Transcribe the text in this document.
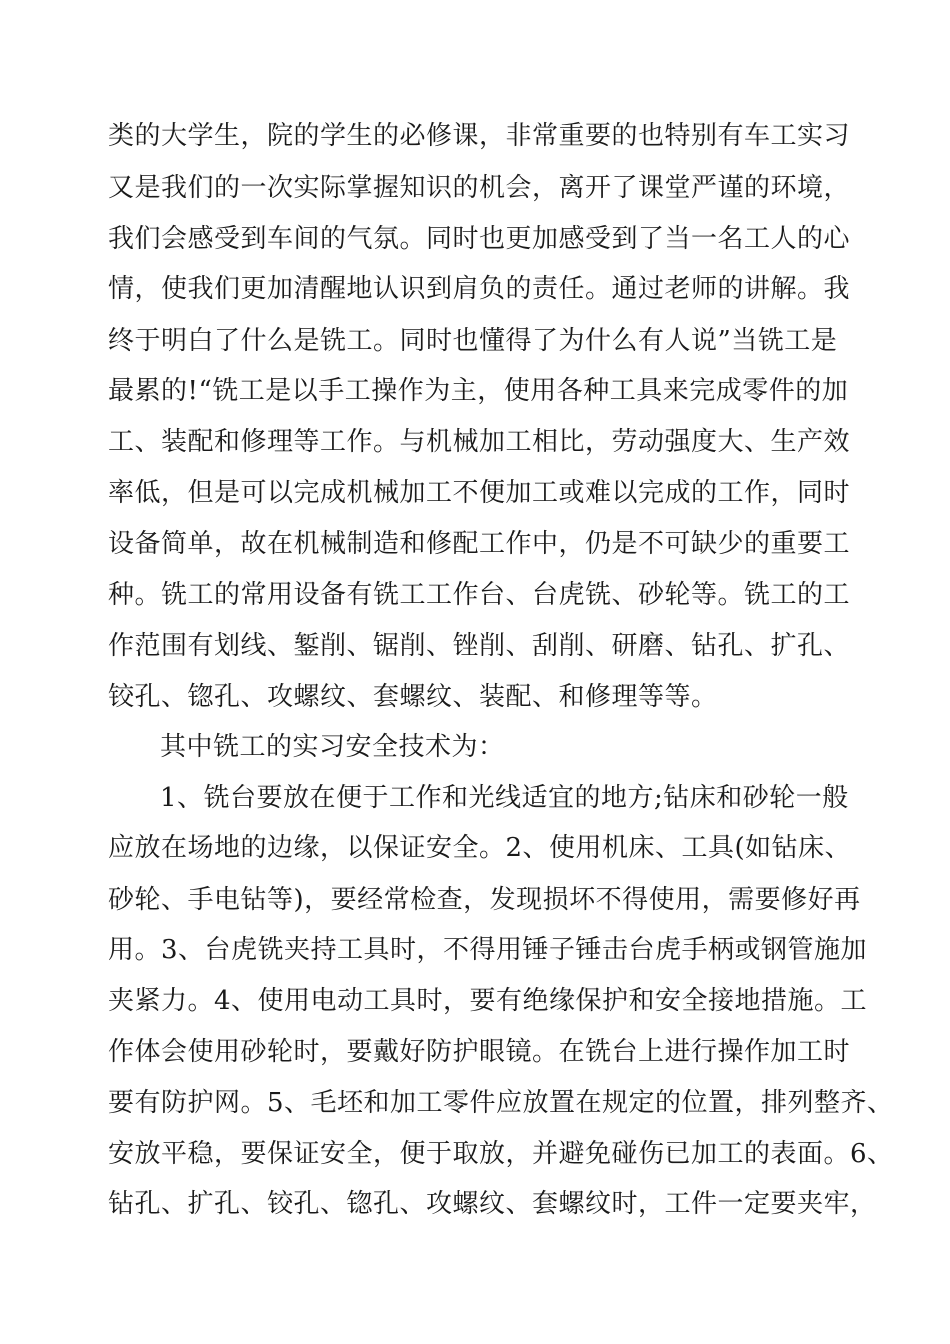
类的大学生，院的学生的必修课，非常重要的也特别有车工实习
又是我们的一次实际掌握知识的机会，离开了课堂严谨的环境，
我们会感受到车间的气氛。同时也更加感受到了当一名工人的心
情，使我们更加清醒地认识到肩负的责任。通过老师的讲解。我
终于明白了什么是铣工。同时也懂得了为什么有人说”当铣工是
最累的!“铣工是以手工操作为主，使用各种工具来完成零件的加
工、装配和修理等工作。与机械加工相比，劳动强度大、生产效
率低，但是可以完成机械加工不便加工或难以完成的工作，同时
设备简单，故在机械制造和修配工作中，仍是不可缺少的重要工
种。铣工的常用设备有铣工工作台、台虎铣、砂轮等。铣工的工
作范围有划线、錾削、锯削、锉削、刮削、研磨、钻孔、扩孔、
铰孔、锪孔、攻螺纹、套螺纹、装配、和修理等等。
其中铣工的实习安全技术为：
1、铣台要放在便于工作和光线适宜的地方;钻床和砂轮一般
应放在场地的边缘，以保证安全。2、使用机床、工具(如钻床、
砂轮、手电钻等)，要经常检查，发现损坏不得使用，需要修好再
用。3、台虎铣夹持工具时，不得用锤子锤击台虎手柄或钢管施加
夹紧力。4、使用电动工具时，要有绝缘保护和安全接地措施。工
作体会使用砂轮时，要戴好防护眼镜。在铣台上进行操作加工时
要有防护网。5、毛坯和加工零件应放置在规定的位置，排列整齐、
安放平稳，要保证安全，便于取放，并避免碰伤已加工的表面。6、
钻孔、扩孔、铰孔、锪孔、攻螺纹、套螺纹时，工件一定要夹牢，
